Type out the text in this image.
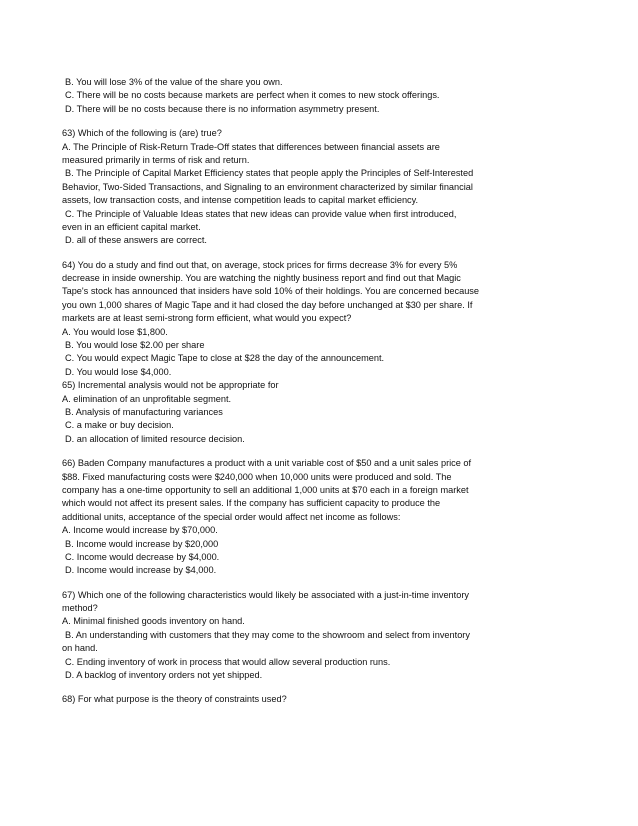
B. You will lose 3% of the value of the share you own.
C. There will be no costs because markets are perfect when it comes to new stock offerings.
D. There will be no costs because there is no information asymmetry present.
63) Which of the following is (are) true?
A. The Principle of Risk-Return Trade-Off states that differences between financial assets are
measured primarily in terms of risk and return.
B. The Principle of Capital Market Efficiency states that people apply the Principles of Self-Interested
Behavior, Two-Sided Transactions, and Signaling to an environment characterized by similar financial
assets, low transaction costs, and intense competition leads to capital market efficiency.
C. The Principle of Valuable Ideas states that new ideas can provide value when first introduced,
even in an efficient capital market.
D. all of these answers are correct.
64) You do a study and find out that, on average, stock prices for firms decrease 3% for every 5%
decrease in inside ownership. You are watching the nightly business report and find out that Magic
Tape's stock has announced that insiders have sold 10% of their holdings. You are concerned because
you own 1,000 shares of Magic Tape and it had closed the day before unchanged at $30 per share. If
markets are at least semi-strong form efficient, what would you expect?
A. You would lose $1,800.
B. You would lose $2.00 per share
C. You would expect Magic Tape to close at $28 the day of the announcement.
D. You would lose $4,000.
65) Incremental analysis would not be appropriate for
A. elimination of an unprofitable segment.
B. Analysis of manufacturing variances
C. a make or buy decision.
D. an allocation of limited resource decision.
66) Baden Company manufactures a product with a unit variable cost of $50 and a unit sales price of
$88. Fixed manufacturing costs were $240,000 when 10,000 units were produced and sold. The
company has a one-time opportunity to sell an additional 1,000 units at $70 each in a foreign market
which would not affect its present sales. If the company has sufficient capacity to produce the
additional units, acceptance of the special order would affect net income as follows:
A. Income would increase by $70,000.
B. Income would increase by $20,000
C. Income would decrease by $4,000.
D. Income would increase by $4,000.
67) Which one of the following characteristics would likely be associated with a just-in-time inventory
method?
A. Minimal finished goods inventory on hand.
B. An understanding with customers that they may come to the showroom and select from inventory
on hand.
C. Ending inventory of work in process that would allow several production runs.
D. A backlog of inventory orders not yet shipped.
68) For what purpose is the theory of constraints used?
